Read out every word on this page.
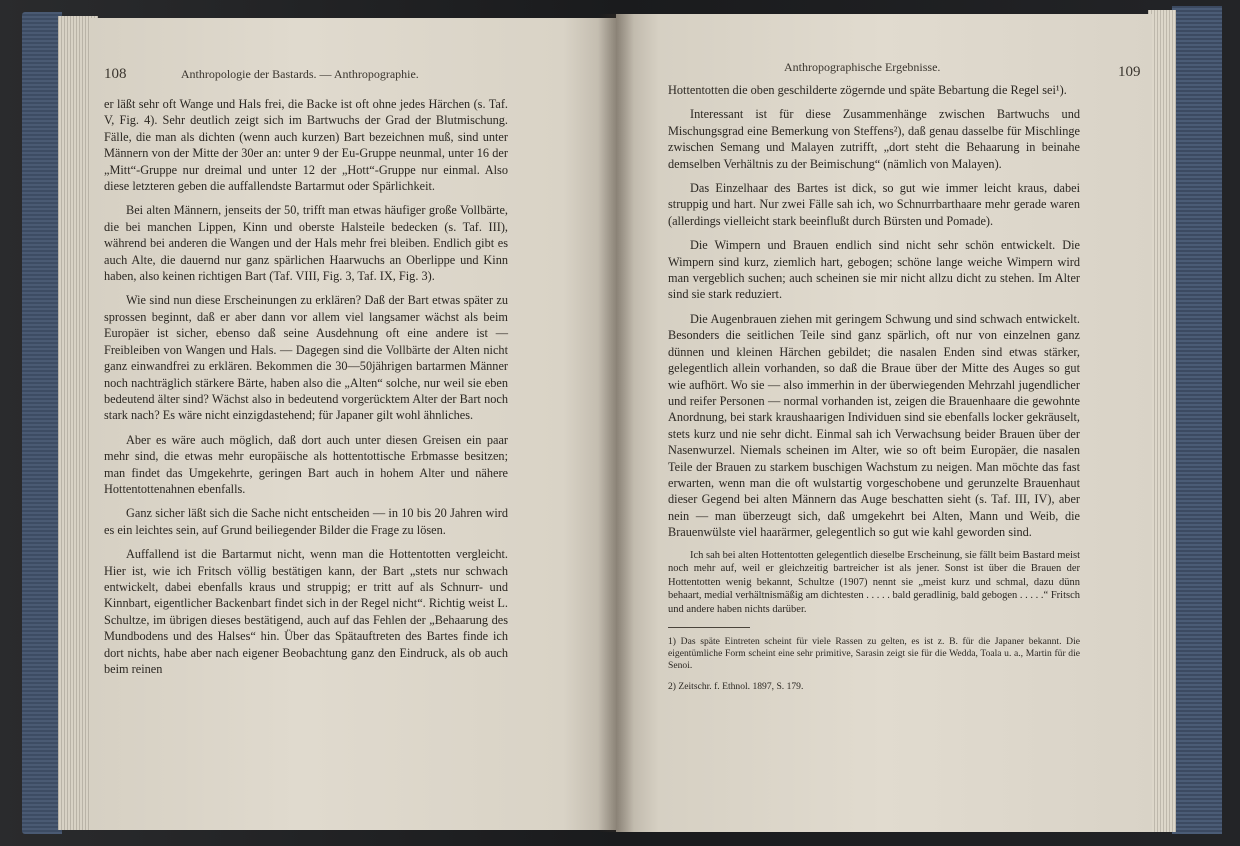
108	Anthropologie der Bastards. — Anthropographie.

er läßt sehr oft Wange und Hals frei, die Backe ist oft ohne jedes Härchen (s. Taf. V, Fig. 4). Sehr deutlich zeigt sich im Bartwuchs der Grad der Blutmischung. Fälle, die man als dichten (wenn auch kurzen) Bart bezeichnen muß, sind unter Männern von der Mitte der 30er an: unter 9 der Eu-Gruppe neunmal, unter 16 der „Mitt“-Gruppe nur dreimal und unter 12 der „Hott“-Gruppe nur einmal. Also diese letzteren geben die auffallendste Bartarmut oder Spärlichkeit.

Bei alten Männern, jenseits der 50, trifft man etwas häufiger große Vollbärte, die bei manchen Lippen, Kinn und oberste Halsteile bedecken (s. Taf. III), während bei anderen die Wangen und der Hals mehr frei bleiben. Endlich gibt es auch Alte, die dauernd nur ganz spärlichen Haarwuchs an Oberlippe und Kinn haben, also keinen richtigen Bart (Taf. VIII, Fig. 3, Taf. IX, Fig. 3).

Wie sind nun diese Erscheinungen zu erklären? Daß der Bart etwas später zu sprossen beginnt, daß er aber dann vor allem viel langsamer wächst als beim Europäer ist sicher, ebenso daß seine Ausdehnung oft eine andere ist — Freibleiben von Wangen und Hals. — Dagegen sind die Vollbärte der Alten nicht ganz einwandfrei zu erklären. Bekommen die 30—50jährigen bartarmen Männer noch nachträglich stärkere Bärte, haben also die „Alten“ solche, nur weil sie eben bedeutend älter sind? Wächst also in bedeutend vorgerücktem Alter der Bart noch stark nach? Es wäre nicht einzigdastehend; für Japaner gilt wohl ähnliches.

Aber es wäre auch möglich, daß dort auch unter diesen Greisen ein paar mehr sind, die etwas mehr europäische als hottentottische Erbmasse besitzen; man findet das Umgekehrte, geringen Bart auch in hohem Alter und nähere Hottentottenahnen ebenfalls.

Ganz sicher läßt sich die Sache nicht entscheiden — in 10 bis 20 Jahren wird es ein leichtes sein, auf Grund beiliegender Bilder die Frage zu lösen.

Auffallend ist die Bartarmut nicht, wenn man die Hottentotten vergleicht. Hier ist, wie ich Fritsch völlig bestätigen kann, der Bart „stets nur schwach entwickelt, dabei ebenfalls kraus und struppig; er tritt auf als Schnurr- und Kinnbart, eigentlicher Backenbart findet sich in der Regel nicht“. Richtig weist L. Schultze, im übrigen dieses bestätigend, auch auf das Fehlen der „Behaarung des Mundbodens und des Halses“ hin. Über das Spätauftreten des Bartes finde ich dort nichts, habe aber nach eigener Beobachtung ganz den Eindruck, als ob auch beim reinen

Anthropographische Ergebnisse.	109

Hottentotten die oben geschilderte zögernde und späte Bebartung die Regel sei¹).

Interessant ist für diese Zusammenhänge zwischen Bartwuchs und Mischungsgrad eine Bemerkung von Steffens²), daß genau dasselbe für Mischlinge zwischen Semang und Malayen zutrifft, „dort steht die Behaarung in beinahe demselben Verhältnis zu der Beimischung“ (nämlich von Malayen).

Das Einzelhaar des Bartes ist dick, so gut wie immer leicht kraus, dabei struppig und hart. Nur zwei Fälle sah ich, wo Schnurrbarthaare mehr gerade waren (allerdings vielleicht stark beeinflußt durch Bürsten und Pomade).

Die Wimpern und Brauen endlich sind nicht sehr schön entwickelt. Die Wimpern sind kurz, ziemlich hart, gebogen; schöne lange weiche Wimpern wird man vergeblich suchen; auch scheinen sie mir nicht allzu dicht zu stehen. Im Alter sind sie stark reduziert.

Die Augenbrauen ziehen mit geringem Schwung und sind schwach entwickelt. Besonders die seitlichen Teile sind ganz spärlich, oft nur von einzelnen ganz dünnen und kleinen Härchen gebildet; die nasalen Enden sind etwas stärker, gelegentlich allein vorhanden, so daß die Braue über der Mitte des Auges so gut wie aufhört. Wo sie — also immerhin in der überwiegenden Mehrzahl jugendlicher und reifer Personen — normal vorhanden ist, zeigen die Brauenhaare die gewohnte Anordnung, bei stark kraushaarigen Individuen sind sie ebenfalls locker gekräuselt, stets kurz und nie sehr dicht. Einmal sah ich Verwachsung beider Brauen über der Nasenwurzel. Niemals scheinen im Alter, wie so oft beim Europäer, die nasalen Teile der Brauen zu starkem buschigen Wachstum zu neigen. Man möchte das fast erwarten, wenn man die oft wulstartig vorgeschobene und gerunzelte Brauenhaut dieser Gegend bei alten Männern das Auge beschatten sieht (s. Taf. III, IV), aber nein — man überzeugt sich, daß umgekehrt bei Alten, Mann und Weib, die Brauenwülste viel haarärmer, gelegentlich so gut wie kahl geworden sind.

Ich sah bei alten Hottentotten gelegentlich dieselbe Erscheinung, sie fällt beim Bastard meist noch mehr auf, weil er gleichzeitig bartreicher ist als jener. Sonst ist über die Brauen der Hottentotten wenig bekannt, Schultze (1907) nennt sie „meist kurz und schmal, dazu dünn behaart, medial verhältnismäßig am dichtesten . . . . . bald geradlinig, bald gebogen . . . . .“ Fritsch und andere haben nichts darüber.

1) Das späte Eintreten scheint für viele Rassen zu gelten, es ist z. B. für die Japaner bekannt. Die eigentümliche Form scheint eine sehr primitive, Sarasin zeigt sie für die Wedda, Toala u. a., Martin für die Senoi.

2) Zeitschr. f. Ethnol. 1897, S. 179.
